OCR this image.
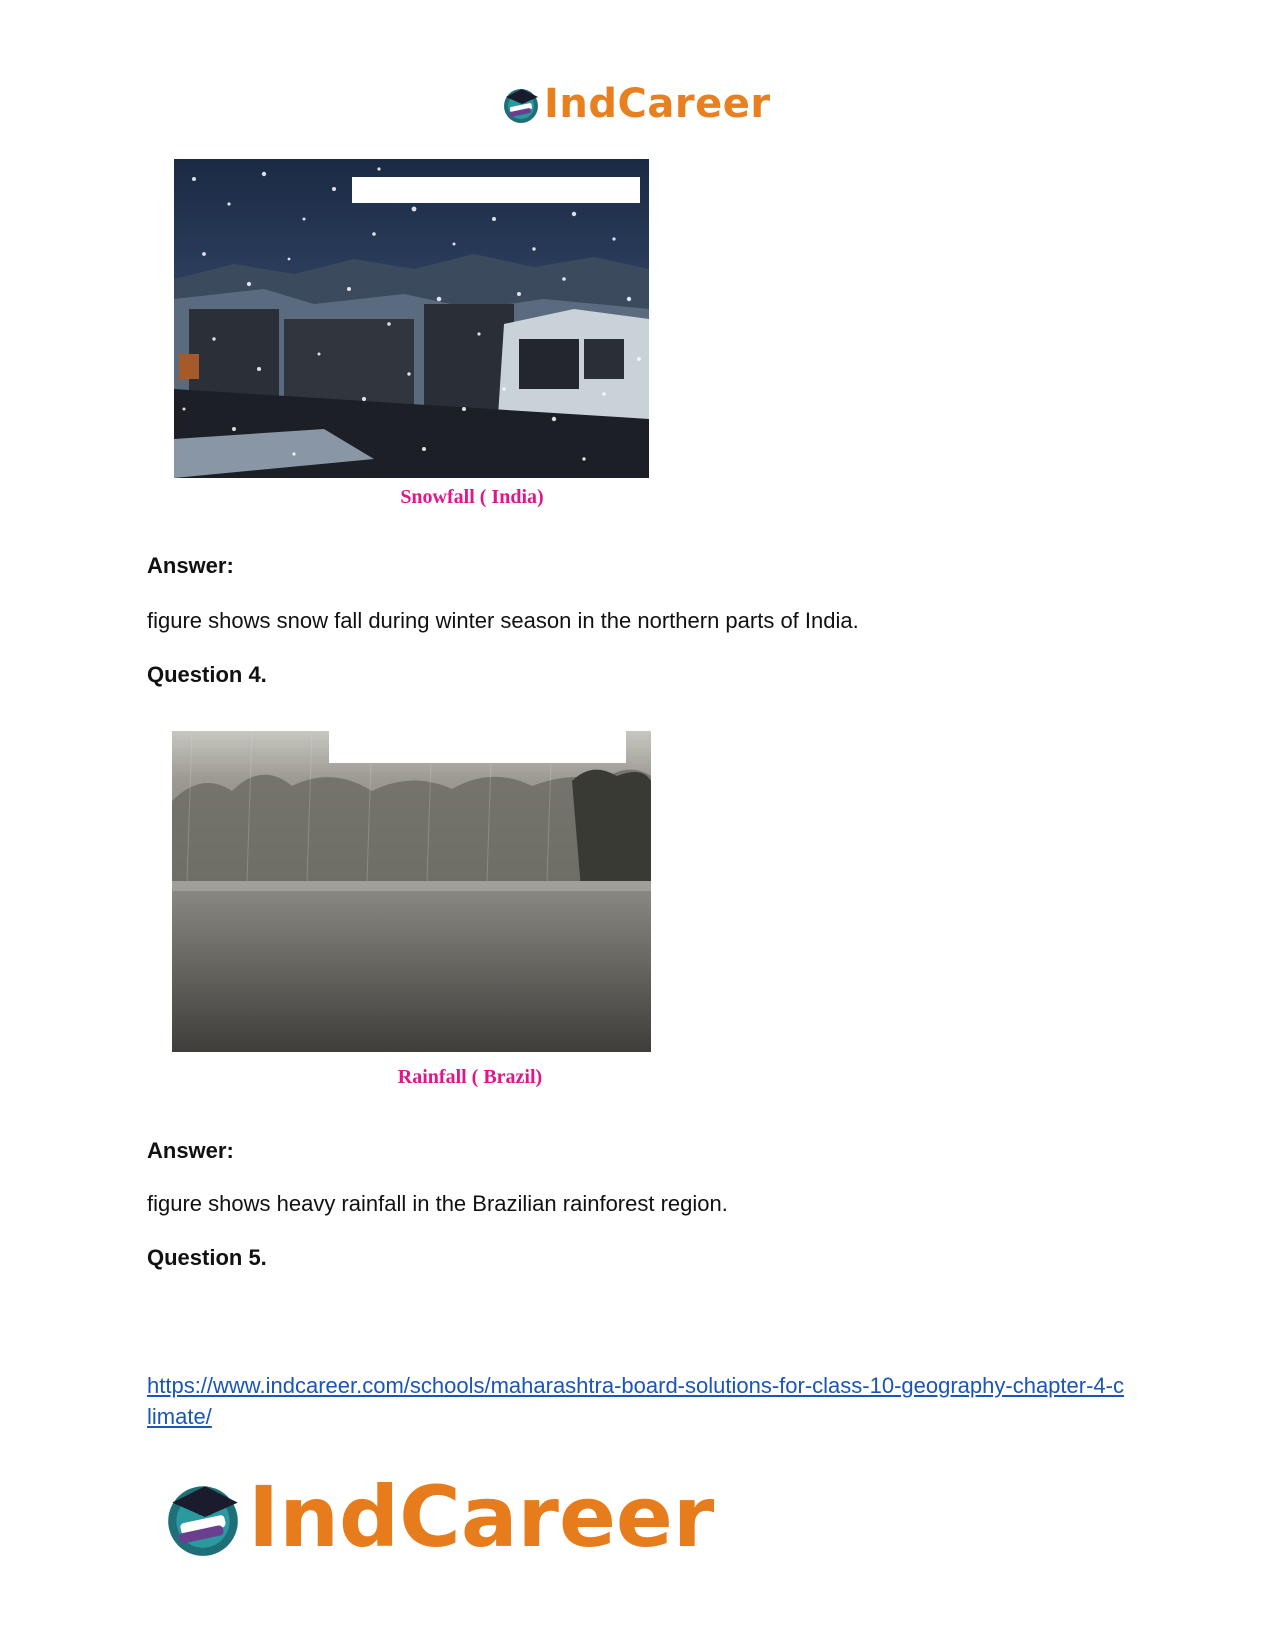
IndCareer
Snowfall ( India)
Answer:
figure shows snow fall during winter season in the northern parts of India.
Question 4.
Rainfall ( Brazil)
Answer:
figure shows heavy rainfall in the Brazilian rainforest region.
Question 5.
https://www.indcareer.com/schools/maharashtra-board-solutions-for-class-10-geography-chapter-4-climate/
IndCareer
